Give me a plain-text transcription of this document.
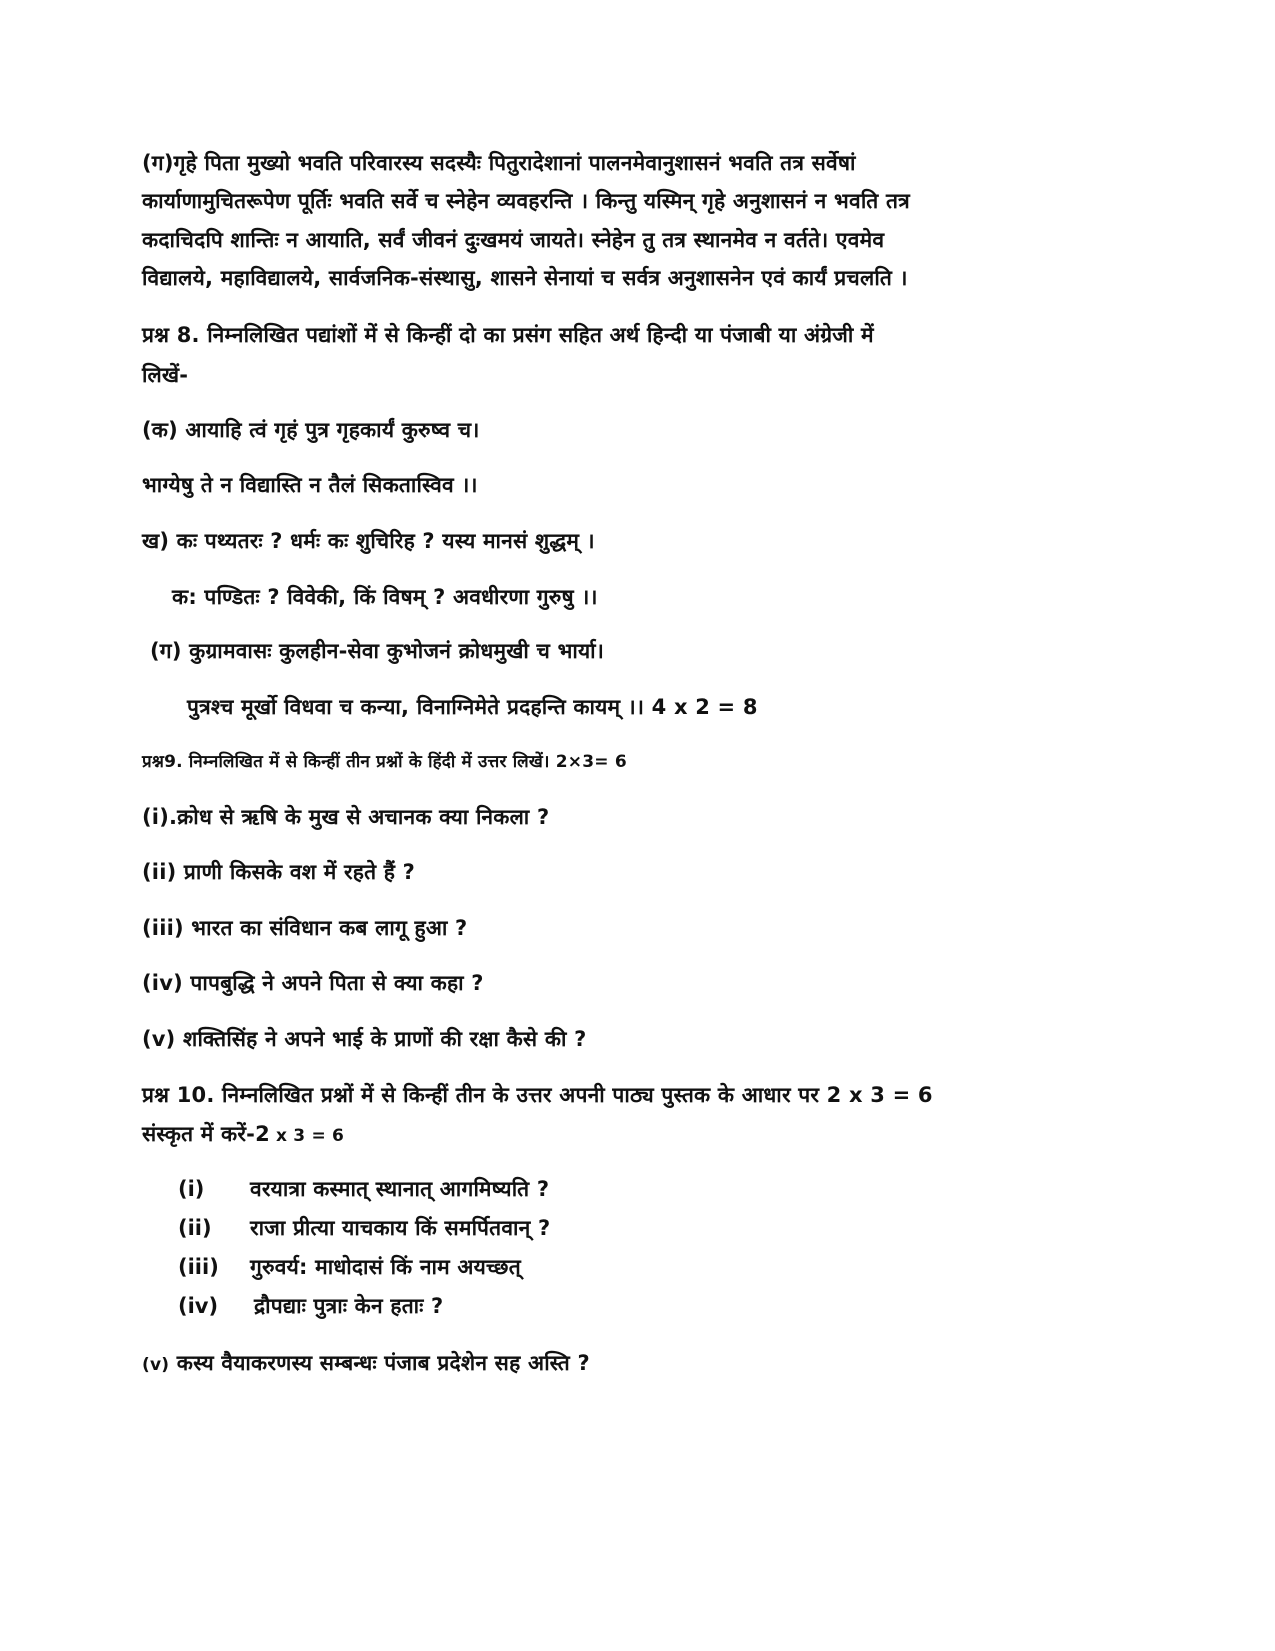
(ग)गृहे पिता मुख्यो भवति परिवारस्य सदस्यैः पितुरादेशानां पालनमेवानुशासनं भवति तत्र सर्वेषां
कार्याणामुचितरूपेण पूर्तिः भवति सर्वे च स्नेहेन व्यवहरन्ति । किन्तु यस्मिन् गृहे अनुशासनं न भवति तत्र
कदाचिदपि शान्तिः न आयाति, सर्वं जीवनं दुःखमयं जायते। स्नेहेन तु तत्र स्थानमेव न वर्तते। एवमेव
विद्यालये, महाविद्यालये, सार्वजनिक-संस्थासु, शासने सेनायां च सर्वत्र अनुशासनेन एवं कार्यं प्रचलति ।
प्रश्न 8. निम्नलिखित पद्यांशों में से किन्हीं दो का प्रसंग सहित अर्थ हिन्दी या पंजाबी या अंग्रेजी में
लिखें-
(क) आयाहि त्वं गृहं पुत्र गृहकार्यं कुरुष्व च।
भाग्येषु ते न विद्यास्ति न तैलं सिकतास्विव ।।
ख) कः पथ्यतरः ? धर्मः कः शुचिरिह ? यस्य मानसं शुद्धम् ।
क: पण्डितः ? विवेकी, किं विषम् ? अवधीरणा गुरुषु ।।
(ग) कुग्रामवासः कुलहीन-सेवा कुभोजनं क्रोधमुखी च भार्या।
पुत्रश्च मूर्खो विधवा च कन्या, विनाग्निमेते प्रदहन्ति कायम् ।। 4 x 2 = 8
प्रश्न9. निम्नलिखित में से किन्हीं तीन प्रश्नों के हिंदी में उत्तर लिखें। 2×3= 6
(i).क्रोध से ऋषि के मुख से अचानक क्या निकला ?
(ii) प्राणी किसके वश में रहते हैं ?
(iii) भारत का संविधान कब लागू हुआ ?
(iv) पापबुद्धि ने अपने पिता से क्या कहा ?
(v) शक्तिसिंह ने अपने भाई के प्राणों की रक्षा कैसे की ?
प्रश्न 10. निम्नलिखित प्रश्नों में से किन्हीं तीन के उत्तर अपनी पाठ्य पुस्तक के आधार पर 2 x 3 = 6
संस्कृत में करें-2 x 3 = 6
(i) वरयात्रा कस्मात् स्थानात् आगमिष्यति ?
(ii) राजा प्रीत्या याचकाय किं समर्पितवान् ?
(iii) गुरुवर्य: माधोदासं किं नाम अयच्छत्
(iv) द्रौपद्याः पुत्राः केन हताः ?
(v) कस्य वैयाकरणस्य सम्बन्धः पंजाब प्रदेशेन सह अस्ति ?
